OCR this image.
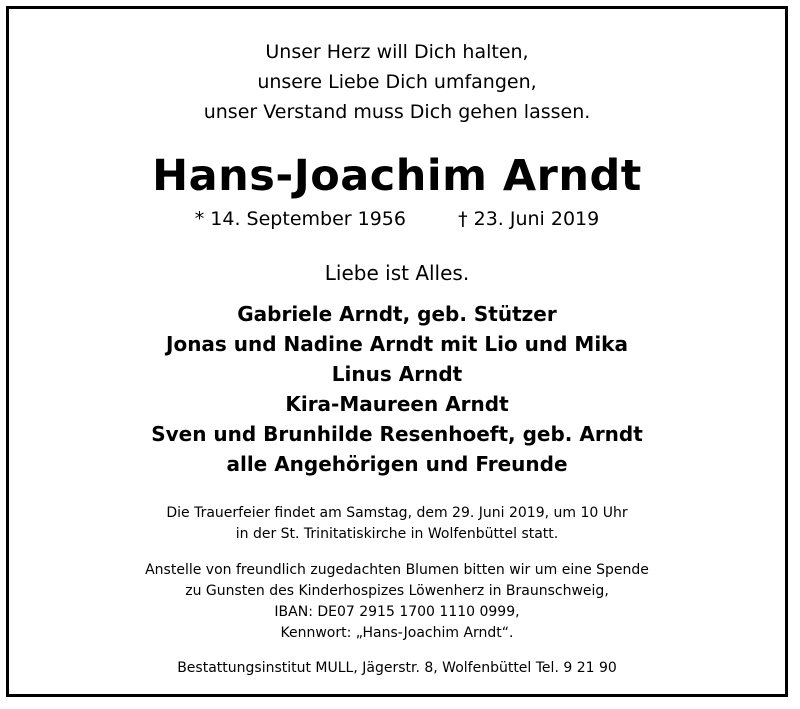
Unser Herz will Dich halten,
unsere Liebe Dich umfangen,
unser Verstand muss Dich gehen lassen.
Hans-Joachim Arndt
* 14. September 1956	† 23. Juni 2019
Liebe ist Alles.
Gabriele Arndt, geb. Stützer
Jonas und Nadine Arndt mit Lio und Mika
Linus Arndt
Kira-Maureen Arndt
Sven und Brunhilde Resenhoeft, geb. Arndt
alle Angehörigen und Freunde
Die Trauerfeier findet am Samstag, dem 29. Juni 2019, um 10 Uhr
in der St. Trinitatiskirche in Wolfenbüttel statt.
Anstelle von freundlich zugedachten Blumen bitten wir um eine Spende
zu Gunsten des Kinderhospizes Löwenherz in Braunschweig,
IBAN: DE07 2915 1700 1110 0999,
Kennwort: „Hans-Joachim Arndt“.
Bestattungsinstitut MULL, Jägerstr. 8, Wolfenbüttel Tel. 9 21 90
